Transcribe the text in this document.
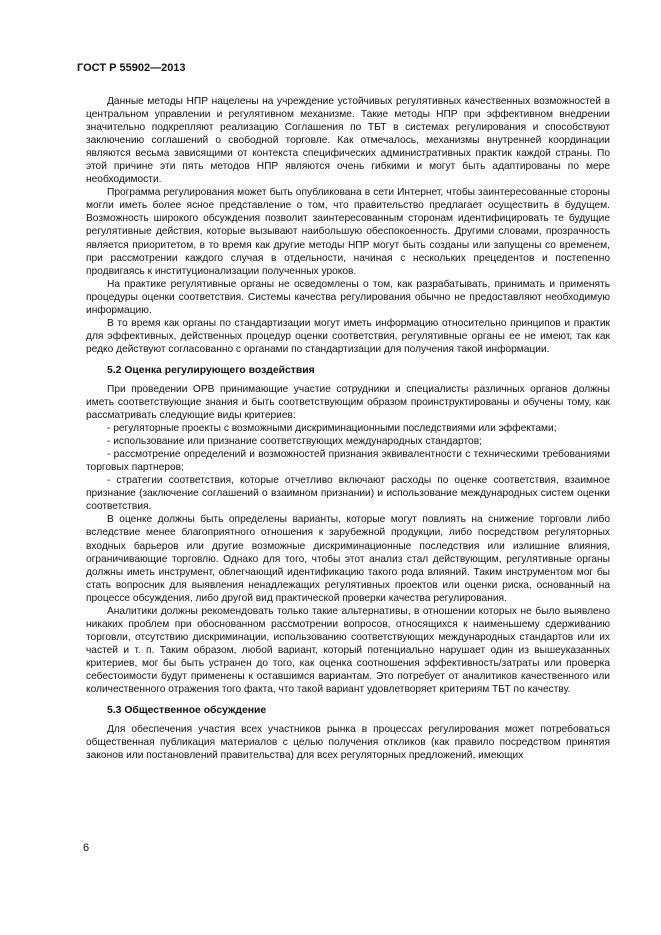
ГОСТ Р 55902—2013

Данные методы НПР нацелены на учреждение устойчивых регулятивных качественных возможностей в центральном управлении и регулятивном механизме. Такие методы НПР при эффективном внедрении значительно подкрепляют реализацию Соглашения по ТБТ в системах регулирования и способствуют заключению соглашений о свободной торговле. Как отмечалось, механизмы внутренней координации являются весьма зависящими от контекста специфических административных практик каждой страны. По этой причине эти пять методов НПР являются очень гибкими и могут быть адаптированы по мере необходимости.

Программа регулирования может быть опубликована в сети Интернет, чтобы заинтересованные стороны могли иметь более ясное представление о том, что правительство предлагает осуществить в будущем. Возможность широкого обсуждения позволит заинтересованным сторонам идентифицировать те будущие регулятивные действия, которые вызывают наибольшую обеспокоенность. Другими словами, прозрачность является приоритетом, в то время как другие методы НПР могут быть созданы или запущены со временем, при рассмотрении каждого случая в отдельности, начиная с нескольких прецедентов и постепенно продвигаясь к институционализации полученных уроков.

На практике регулятивные органы не осведомлены о том, как разрабатывать, принимать и применять процедуры оценки соответствия. Системы качества регулирования обычно не предоставляют необходимую информацию.

В то время как органы по стандартизации могут иметь информацию относительно принципов и практик для эффективных, действенных процедур оценки соответствия, регулятивные органы ее не имеют, так как редко действуют согласованно с органами по стандартизации для получения такой информации.

5.2 Оценка регулирующего воздействия

При проведении ОРВ принимающие участие сотрудники и специалисты различных органов должны иметь соответствующие знания и быть соответствующим образом проинструктированы и обучены тому, как рассматривать следующие виды критериев:

- регуляторные проекты с возможными дискриминационными последствиями или эффектами;

- использование или признание соответствующих международных стандартов;

- рассмотрение определений и возможностей признания эквивалентности с техническими требованиями торговых партнеров;

- стратегии соответствия, которые отчетливо включают расходы по оценке соответствия, взаимное признание (заключение соглашений о взаимном признании) и использование международных систем оценки соответствия.

В оценке должны быть определены варианты, которые могут повлиять на снижение торговли либо вследствие менее благоприятного отношения к зарубежной продукции, либо посредством регуляторных входных барьеров или другие возможные дискриминационные последствия или излишние влияния, ограничивающие торговлю. Однако для того, чтобы этот анализ стал действующим, регулятивные органы должны иметь инструмент, облегчающий идентификацию такого рода влияний. Таким инструментом мог бы стать вопросник для выявления ненадлежащих регулятивных проектов или оценки риска, основанный на процессе обсуждения, либо другой вид практической проверки качества регулирования.

Аналитики должны рекомендовать только такие альтернативы, в отношении которых не было выявлено никаких проблем при обоснованном рассмотрении вопросов, относящихся к наименьшему сдерживанию торговли, отсутствию дискриминации, использованию соответствующих международных стандартов или их частей и т. п. Таким образом, любой вариант, который потенциально нарушает один из вышеуказанных критериев, мог бы быть устранен до того, как оценка соотношения эффективность/затраты или проверка себестоимости будут применены к оставшимся вариантам. Это потребует от аналитиков качественного или количественного отражения того факта, что такой вариант удовлетворяет критериям ТБТ по качеству.

5.3 Общественное обсуждение

Для обеспечения участия всех участников рынка в процессах регулирования может потребоваться общественная публикация материалов с целью получения откликов (как правило посредством принятия законов или постановлений правительства) для всех регуляторных предложений, имеющих

6
